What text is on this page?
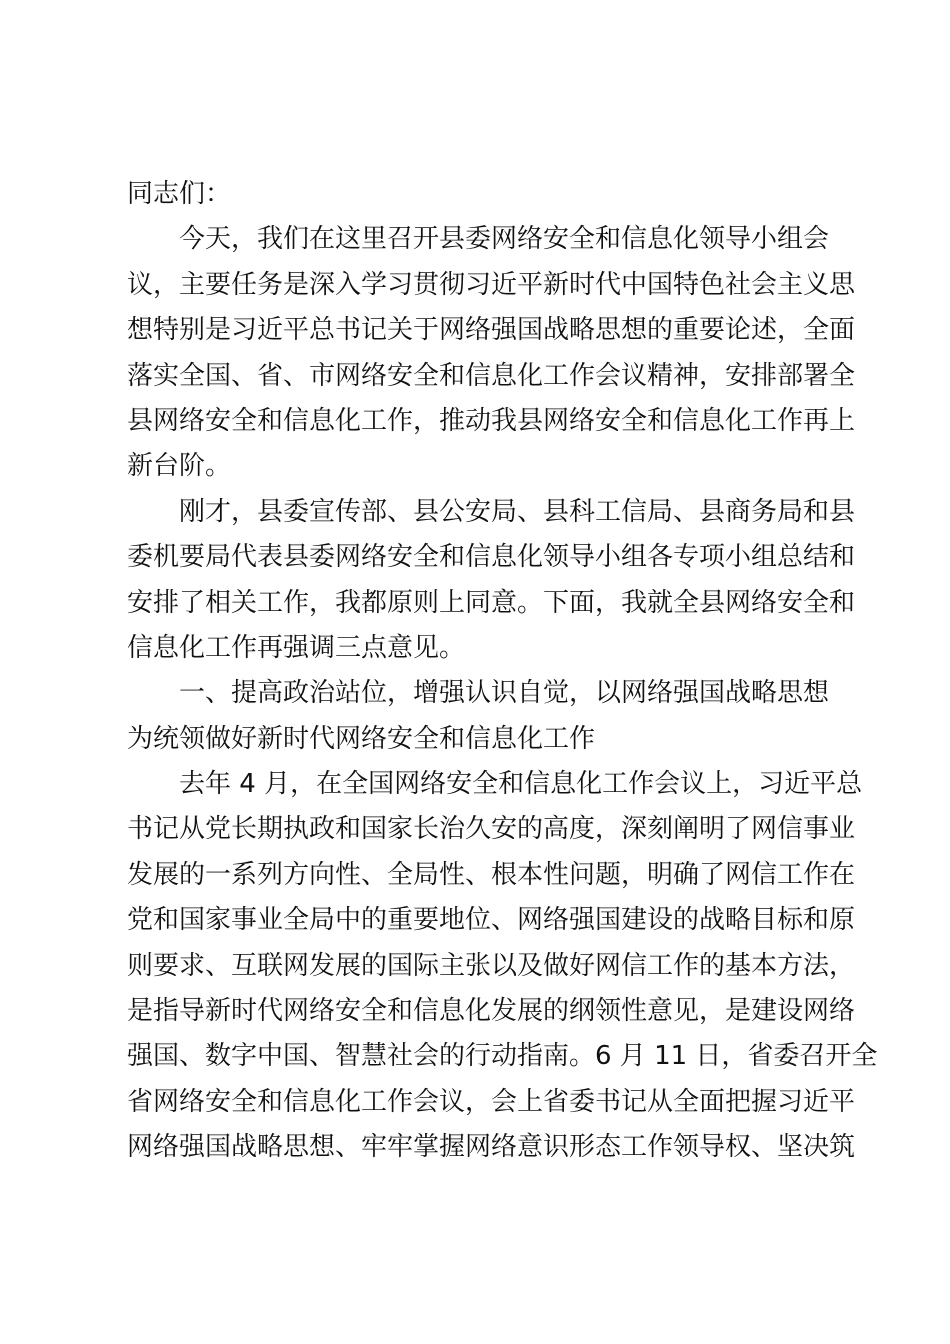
同志们：
今天，我们在这里召开县委网络安全和信息化领导小组会
议，主要任务是深入学习贯彻习近平新时代中国特色社会主义思
想特别是习近平总书记关于网络强国战略思想的重要论述，全面
落实全国、省、市网络安全和信息化工作会议精神，安排部署全
县网络安全和信息化工作，推动我县网络安全和信息化工作再上
新台阶。
刚才，县委宣传部、县公安局、县科工信局、县商务局和县
委机要局代表县委网络安全和信息化领导小组各专项小组总结和
安排了相关工作，我都原则上同意。下面，我就全县网络安全和
信息化工作再强调三点意见。
一、提高政治站位，增强认识自觉，以网络强国战略思想
为统领做好新时代网络安全和信息化工作
去年 4 月，在全国网络安全和信息化工作会议上，习近平总
书记从党长期执政和国家长治久安的高度，深刻阐明了网信事业
发展的一系列方向性、全局性、根本性问题，明确了网信工作在
党和国家事业全局中的重要地位、网络强国建设的战略目标和原
则要求、互联网发展的国际主张以及做好网信工作的基本方法，
是指导新时代网络安全和信息化发展的纲领性意见，是建设网络
强国、数字中国、智慧社会的行动指南。6 月 11 日，省委召开全
省网络安全和信息化工作会议，会上省委书记从全面把握习近平
网络强国战略思想、牢牢掌握网络意识形态工作领导权、坚决筑
